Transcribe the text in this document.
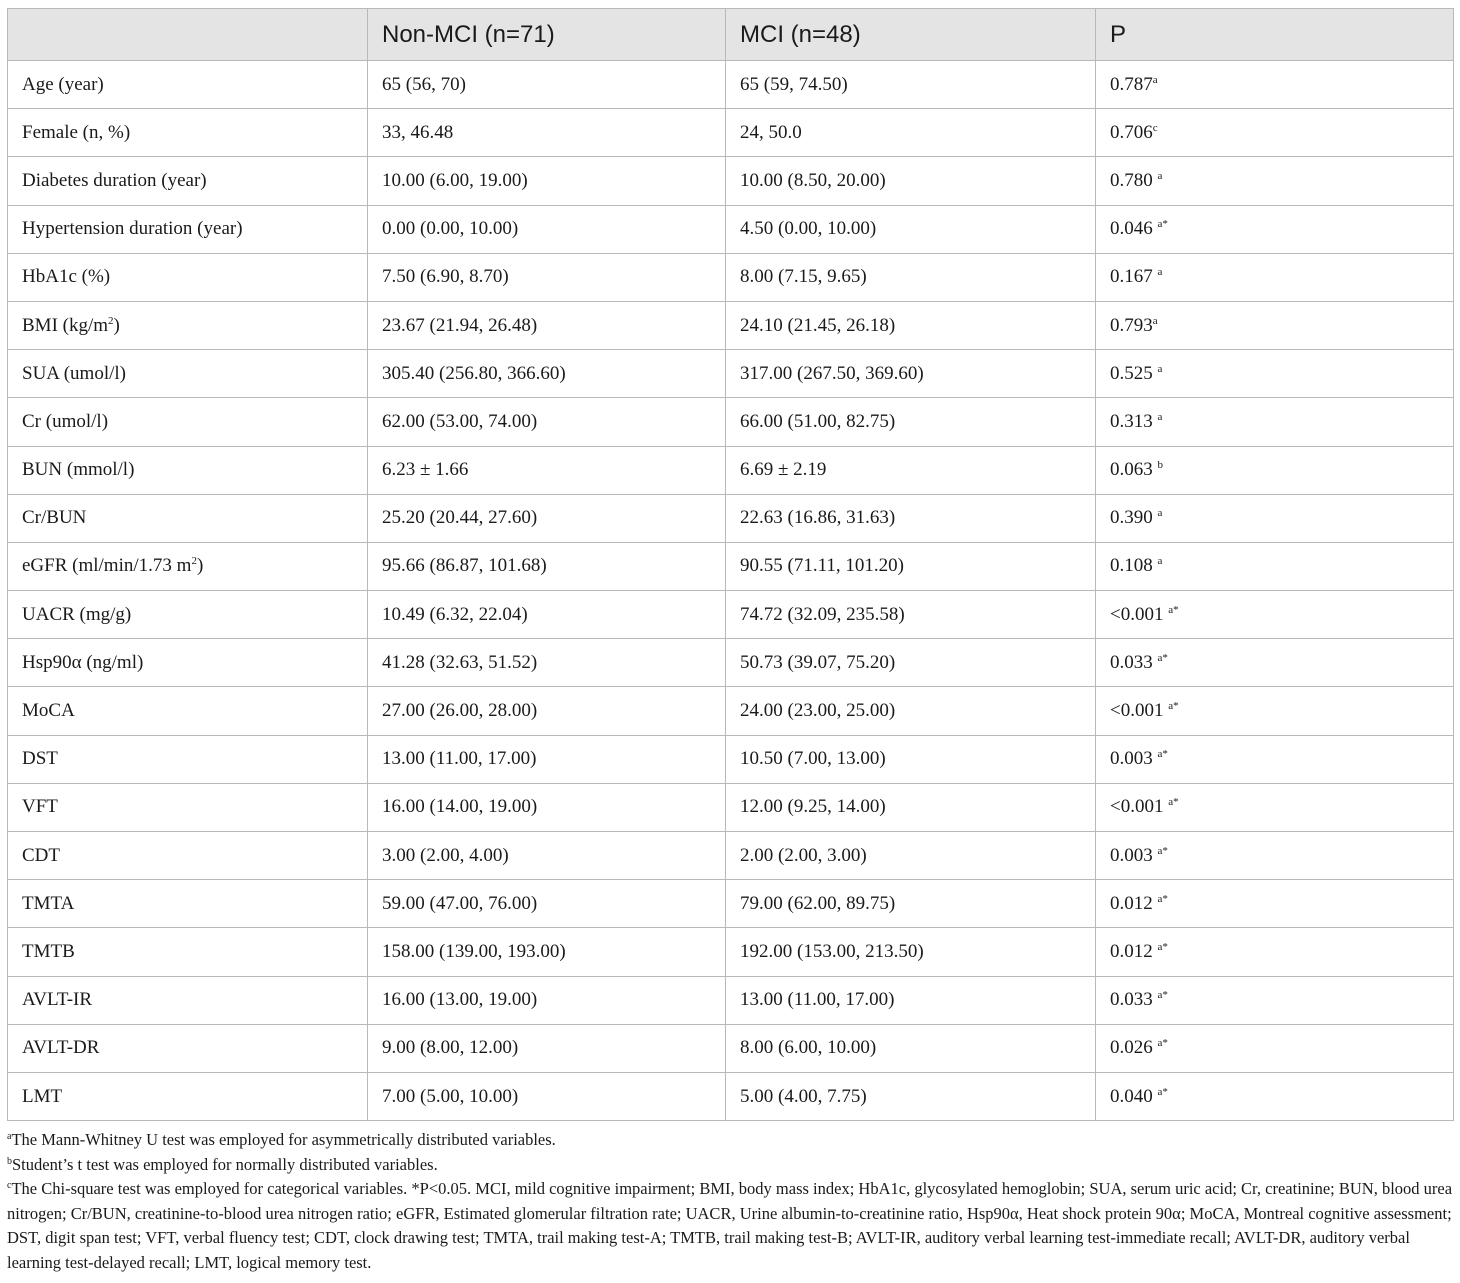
	Non-MCI (n=71)	MCI (n=48)	P
Age (year)	65 (56, 70)	65 (59, 74.50)	0.787$^a$
Female (n, %)	33, 46.48	24, 50.0	0.706$^c$
Diabetes duration (year)	10.00 (6.00, 19.00)	10.00 (8.50, 20.00)	0.780 $^a$
Hypertension duration (year)	0.00 (0.00, 10.00)	4.50 (0.00, 10.00)	0.046 $^{a*}$
HbA1c (%)	7.50 (6.90, 8.70)	8.00 (7.15, 9.65)	0.167 $^a$
BMI $(kg/m^2)$	23.67 (21.94, 26.48)	24.10 (21.45, 26.18)	0.793$^a$
SUA (umol/l)	305.40 (256.80, 366.60)	317.00 (267.50, 369.60)	0.525 $^a$
Cr (umol/l)	62.00 (53.00, 74.00)	66.00 (51.00, 82.75)	0.313 $^a$
BUN (mmol/l)	6.23 ± 1.66	6.69 ± 2.19	0.063 $^b$
Cr/BUN	25.20 (20.44, 27.60)	22.63 (16.86, 31.63)	0.390 $^a$
eGFR (ml/min/1.73 $m^2$)	95.66 (86.87, 101.68)	90.55 (71.11, 101.20)	0.108 $^a$
UACR (mg/g)	10.49 (6.32, 22.04)	74.72 (32.09, 235.58)	<0.001 $^{a*}$
Hsp90α (ng/ml)	41.28 (32.63, 51.52)	50.73 (39.07, 75.20)	0.033 $^{a*}$
MoCA	27.00 (26.00, 28.00)	24.00 (23.00, 25.00)	<0.001 $^{a*}$
DST	13.00 (11.00, 17.00)	10.50 (7.00, 13.00)	0.003 $^{a*}$
VFT	16.00 (14.00, 19.00)	12.00 (9.25, 14.00)	<0.001 $^{a*}$
CDT	3.00 (2.00, 4.00)	2.00 (2.00, 3.00)	0.003 $^{a*}$
TMTA	59.00 (47.00, 76.00)	79.00 (62.00, 89.75)	0.012 $^{a*}$
TMTB	158.00 (139.00, 193.00)	192.00 (153.00, 213.50)	0.012 $^{a*}$
AVLT-IR	16.00 (13.00, 19.00)	13.00 (11.00, 17.00)	0.033 $^{a*}$
AVLT-DR	9.00 (8.00, 12.00)	8.00 (6.00, 10.00)	0.026 $^{a*}$
LMT	7.00 (5.00, 10.00)	5.00 (4.00, 7.75)	0.040 $^{a*}$

$^a$The Mann-Whitney U test was employed for asymmetrically distributed variables.

$^b$Student’s t test was employed for normally distributed variables.

$^c$The Chi-square test was employed for categorical variables. *P<0.05. MCI, mild cognitive impairment; BMI, body mass index; HbA1c, glycosylated hemoglobin; SUA, serum uric acid; Cr, creatinine; BUN, blood urea nitrogen; Cr/BUN, creatinine-to-blood urea nitrogen ratio; eGFR, Estimated glomerular filtration rate; UACR, Urine albumin-to-creatinine ratio, Hsp90α, Heat shock protein 90α; MoCA, Montreal cognitive assessment; DST, digit span test; VFT, verbal fluency test; CDT, clock drawing test; TMTA, trail making test-A; TMTB, trail making test-B; AVLT-IR, auditory verbal learning test-immediate recall; AVLT-DR, auditory verbal learning test-delayed recall; LMT, logical memory test.
